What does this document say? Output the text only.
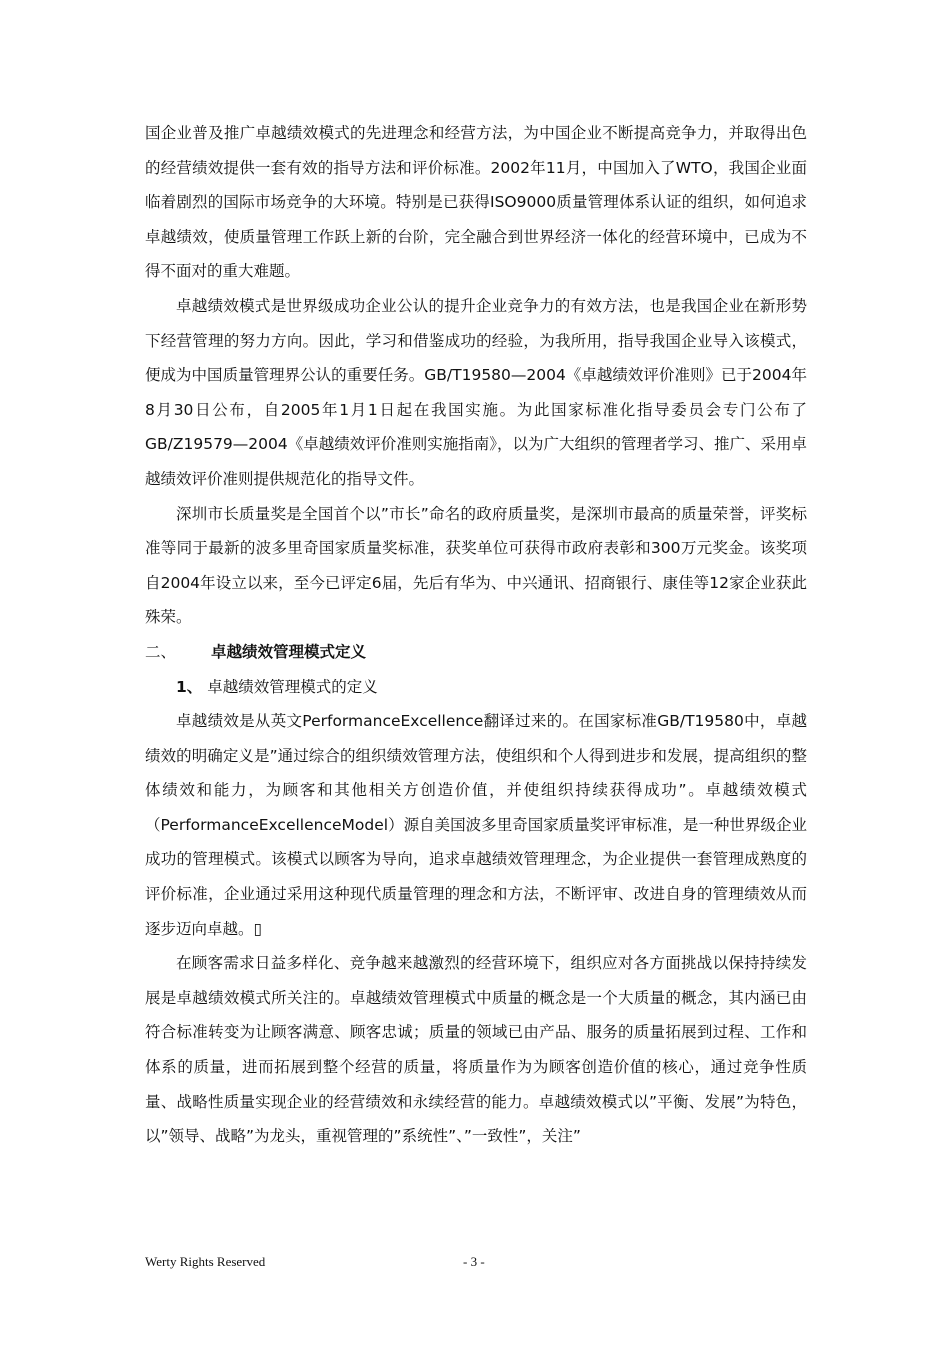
国企业普及推广卓越绩效模式的先进理念和经营方法，为中国企业不断提高竞争力，并取得出色的经营绩效提供一套有效的指导方法和评价标准。2002年11月，中国加入了WTO，我国企业面临着剧烈的国际市场竞争的大环境。特别是已获得ISO9000质量管理体系认证的组织，如何追求卓越绩效，使质量管理工作跃上新的台阶，完全融合到世界经济一体化的经营环境中，已成为不得不面对的重大难题。

卓越绩效模式是世界级成功企业公认的提升企业竞争力的有效方法，也是我国企业在新形势下经营管理的努力方向。因此，学习和借鉴成功的经验，为我所用，指导我国企业导入该模式，便成为中国质量管理界公认的重要任务。GB/T19580—2004《卓越绩效评价准则》已于2004年8月30日公布，自2005年1月1日起在我国实施。为此国家标准化指导委员会专门公布了GB/Z19579—2004《卓越绩效评价准则实施指南》，以为广大组织的管理者学习、推广、采用卓越绩效评价准则提供规范化的指导文件。

深圳市长质量奖是全国首个以”市长”命名的政府质量奖，是深圳市最高的质量荣誉，评奖标准等同于最新的波多里奇国家质量奖标准，获奖单位可获得市政府表彰和300万元奖金。该奖项自2004年设立以来，至今已评定6届，先后有华为、中兴通讯、招商银行、康佳等12家企业获此殊荣。

二、 卓越绩效管理模式定义

1、 卓越绩效管理模式的定义

卓越绩效是从英文PerformanceExcellence翻译过来的。在国家标准GB/T19580中，卓越绩效的明确定义是”通过综合的组织绩效管理方法，使组织和个人得到进步和发展，提高组织的整体绩效和能力，为顾客和其他相关方创造价值，并使组织持续获得成功”。卓越绩效模式（PerformanceExcellenceModel）源自美国波多里奇国家质量奖评审标准，是一种世界级企业成功的管理模式。该模式以顾客为导向，追求卓越绩效管理理念，为企业提供一套管理成熟度的评价标准，企业通过采用这种现代质量管理的理念和方法，不断评审、改进自身的管理绩效从而逐步迈向卓越。▯

在顾客需求日益多样化、竞争越来越激烈的经营环境下，组织应对各方面挑战以保持持续发展是卓越绩效模式所关注的。卓越绩效管理模式中质量的概念是一个大质量的概念，其内涵已由符合标准转变为让顾客满意、顾客忠诚；质量的领域已由产品、服务的质量拓展到过程、工作和体系的质量，进而拓展到整个经营的质量，将质量作为为顾客创造价值的核心，通过竞争性质量、战略性质量实现企业的经营绩效和永续经营的能力。卓越绩效模式以”平衡、发展”为特色，以”领导、战略”为龙头，重视管理的”系统性”、”一致性”，关注”

Werty Rights Reserved	- 3 -
